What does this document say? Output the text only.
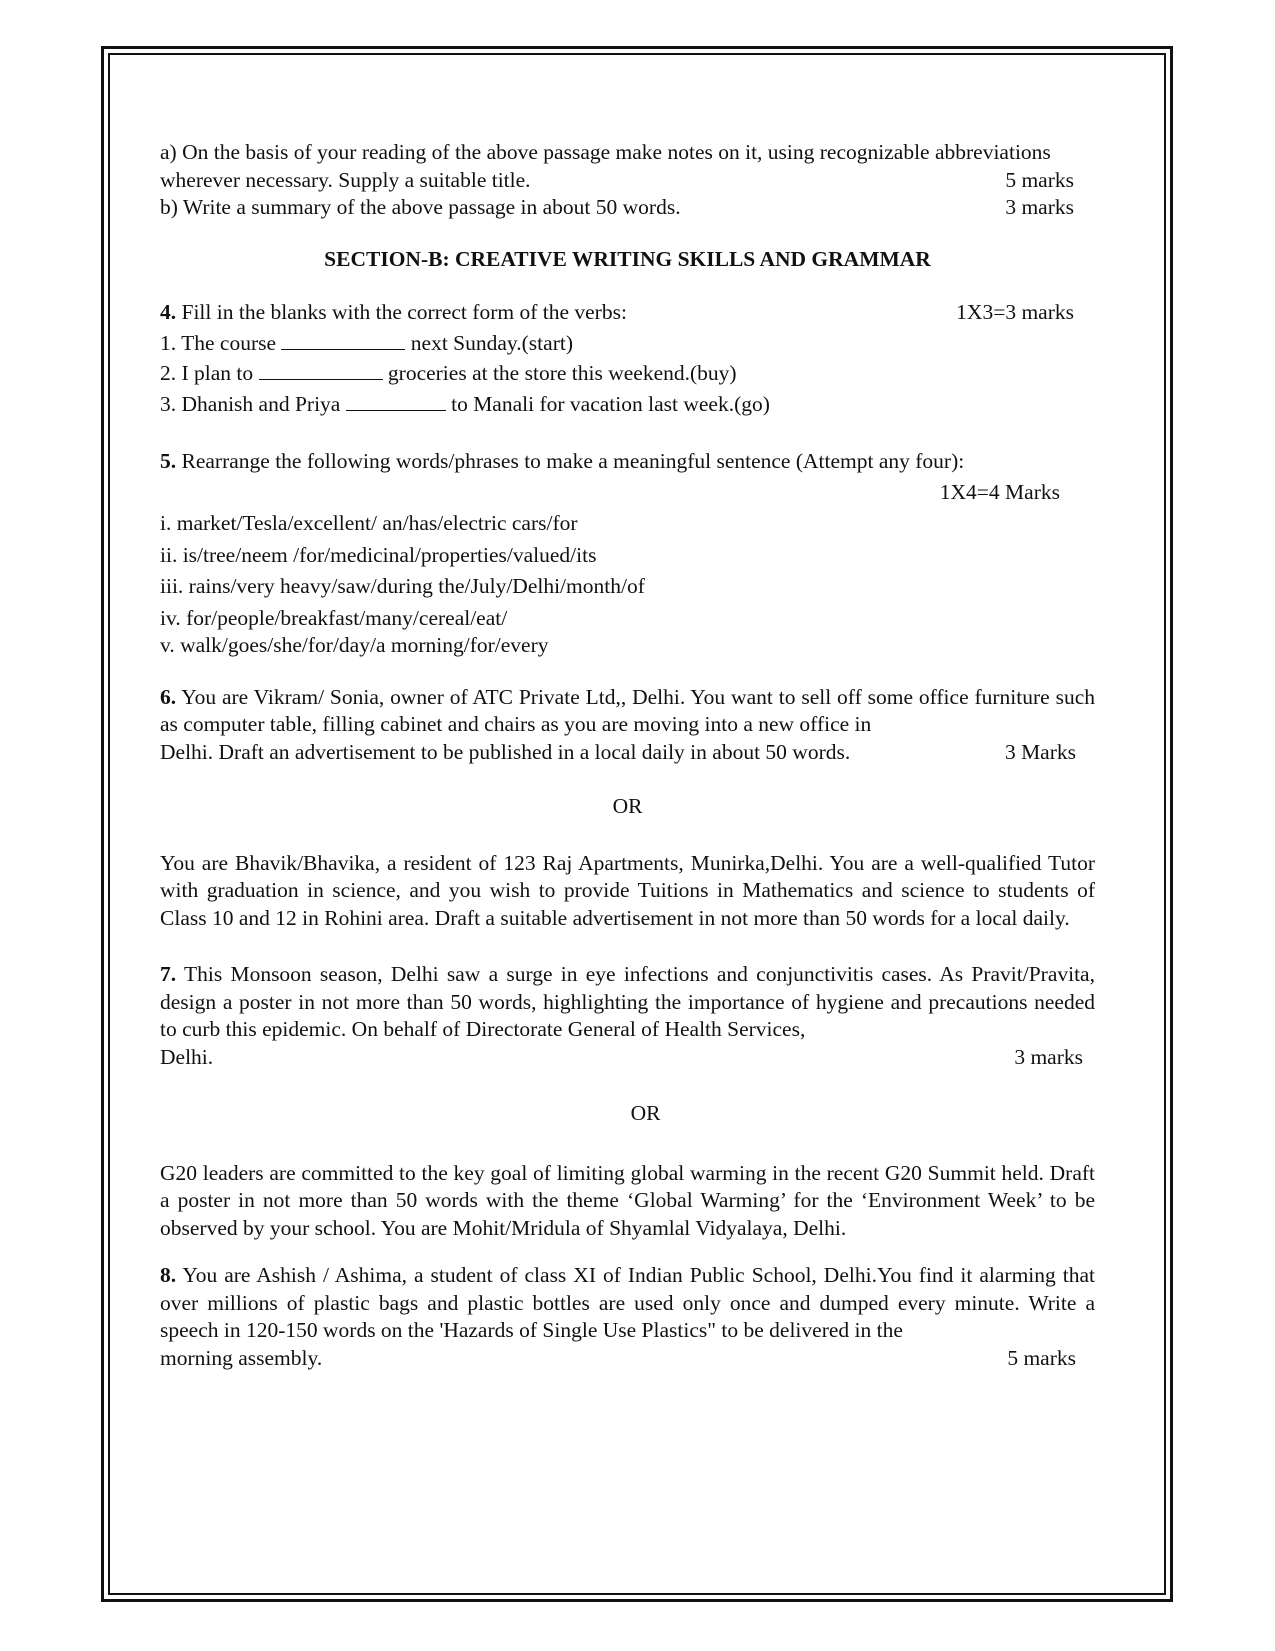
a) On the basis of your reading of the above passage make notes on it, using recognizable abbreviations

wherever necessary. Supply a suitable title.	5 marks
b) Write a summary of the above passage in about 50 words.	3 marks

SECTION-B: CREATIVE WRITING SKILLS AND GRAMMAR

4. Fill in the blanks with the correct form of the verbs:	1X3=3 marks

1. The course	next Sunday.(start)

2. I plan to	groceries at the store this weekend.(buy)

3. Dhanish and Priya	to Manali for vacation last week.(go)

5. Rearrange the following words/phrases to make a meaningful sentence (Attempt any four):

1X4=4 Marks

i. market/Tesla/excellent/ an/has/electric cars/for

ii. is/tree/neem /for/medicinal/properties/valued/its

iii. rains/very heavy/saw/during the/July/Delhi/month/of

iv. for/people/breakfast/many/cereal/eat/

v. walk/goes/she/for/day/a morning/for/every

6. You are Vikram/ Sonia, owner of ATC Private Ltd,, Delhi. You want to sell off some office furniture such as computer table, filling cabinet and chairs as you are moving into a new office in

Delhi. Draft an advertisement to be published in a local daily in about 50 words.	3 Marks

OR

You are Bhavik/Bhavika, a resident of 123 Raj Apartments, Munirka,Delhi. You are a well-qualified Tutor with graduation in science, and you wish to provide Tuitions in Mathematics and science to students of Class 10 and 12 in Rohini area. Draft a suitable advertisement in not more than 50 words for a local daily.

7. This Monsoon season, Delhi saw a surge in eye infections and conjunctivitis cases. As Pravit/Pravita, design a poster in not more than 50 words, highlighting the importance of hygiene and precautions needed to curb this epidemic. On behalf of Directorate General of Health Services,

Delhi.	3 marks

OR

G20 leaders are committed to the key goal of limiting global warming in the recent G20 Summit held. Draft a poster in not more than 50 words with the theme ‘Global Warming’ for the ‘Environment Week’ to be observed by your school. You are Mohit/Mridula of Shyamlal Vidyalaya, Delhi.

8. You are Ashish / Ashima, a student of class XI of Indian Public School, Delhi.You find it alarming that over millions of plastic bags and plastic bottles are used only once and dumped every minute. Write a speech in 120-150 words on the 'Hazards of Single Use Plastics" to be delivered in the

morning assembly.	5 marks
